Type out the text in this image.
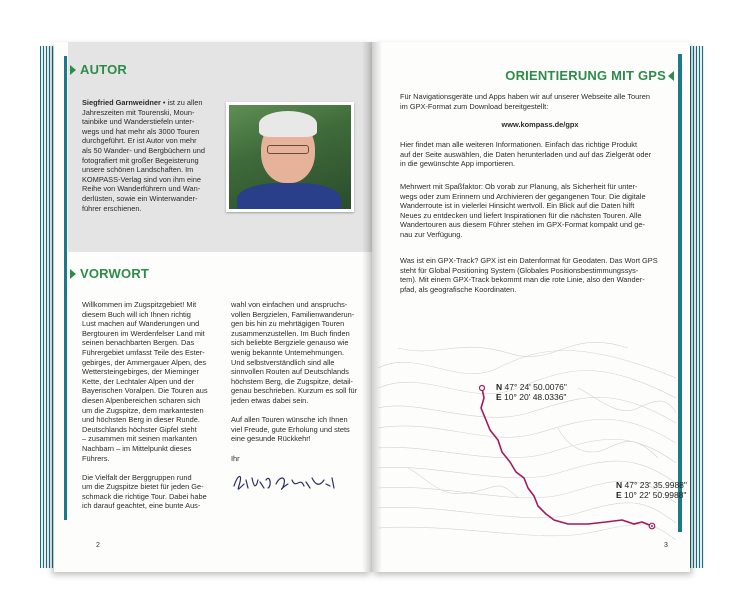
AUTOR
Siegfried Garnweidner • ist zu allen
Jahreszeiten mit Tourenski, Moun-
tainbike und Wanderstiefeln unter-
wegs und hat mehr als 3000 Touren
durchgeführt. Er ist Autor von mehr
als 50 Wander- und Bergbüchern und
fotografiert mit großer Begeisterung
unsere schönen Landschaften. Im
KOMPASS-Verlag sind von ihm eine
Reihe von Wanderführern und Wan-
derlüsten, sowie ein Winterwander-
führer erschienen.
VORWORT
Willkommen im Zugspitzgebiet! Mit
diesem Buch will ich Ihnen richtig
Lust machen auf Wanderungen und
Bergtouren im Werdenfelser Land mit
seinen benachbarten Bergen. Das
Führergebiet umfasst Teile des Ester-
gebirges, der Ammergauer Alpen, des
Wettersteingebirges, der Mieminger
Kette, der Lechtaler Alpen und der
Bayerischen Voralpen. Die Touren aus
diesen Alpenbereichen scharen sich
um die Zugspitze, dem markantesten
und höchsten Berg in dieser Runde.
Deutschlands höchster Gipfel steht
– zusammen mit seinen markanten
Nachbarn – im Mittelpunkt dieses
Führers.
Die Vielfalt der Berggruppen rund
um die Zugspitze bietet für jeden Ge-
schmack die richtige Tour. Dabei habe
ich darauf geachtet, eine bunte Aus-
wahl von einfachen und anspruchs-
vollen Bergzielen, Familienwanderun-
gen bis hin zu mehrtägigen Touren
zusammenzustellen. Im Buch finden
sich beliebte Bergziele genauso wie
wenig bekannte Unternehmungen.
Und selbstverständlich sind alle
sinnvollen Routen auf Deutschlands
höchstem Berg, die Zugspitze, detail-
genau beschrieben. Kurzum es soll für
jeden etwas dabei sein.
Auf allen Touren wünsche ich Ihnen
viel Freude, gute Erholung und stets
eine gesunde Rückkehr!
Ihr
2
ORIENTIERUNG MIT GPS
Für Navigationsgeräte und Apps haben wir auf unserer Webseite alle Touren
im GPX-Format zum Download bereitgestellt:
www.kompass.de/gpx
Hier findet man alle weiteren Informationen. Einfach das richtige Produkt
auf der Seite auswählen, die Daten herunterladen und auf das Zielgerät oder
in die gewünschte App importieren.
Mehrwert mit Spaßfaktor: Ob vorab zur Planung, als Sicherheit für unter-
wegs oder zum Erinnern und Archivieren der gegangenen Tour. Die digitale
Wanderroute ist in vielerlei Hinsicht wertvoll. Ein Blick auf die Daten hilft
Neues zu entdecken und liefert Inspirationen für die nächsten Touren. Alle
Wandertouren aus diesem Führer stehen im GPX-Format kompakt und ge-
nau zur Verfügung.
Was ist ein GPX-Track? GPX ist ein Datenformat für Geodaten. Das Wort GPS
steht für Global Positioning System (Globales Positionsbestimmungssys-
tem). Mit einem GPX-Track bekommt man die rote Linie, also den Wander-
pfad, als geografische Koordinaten.
N 47° 24' 50.0076"
E 10° 20' 48.0336"
N 47° 23' 35.9988"
E 10° 22' 50.9988"
3
